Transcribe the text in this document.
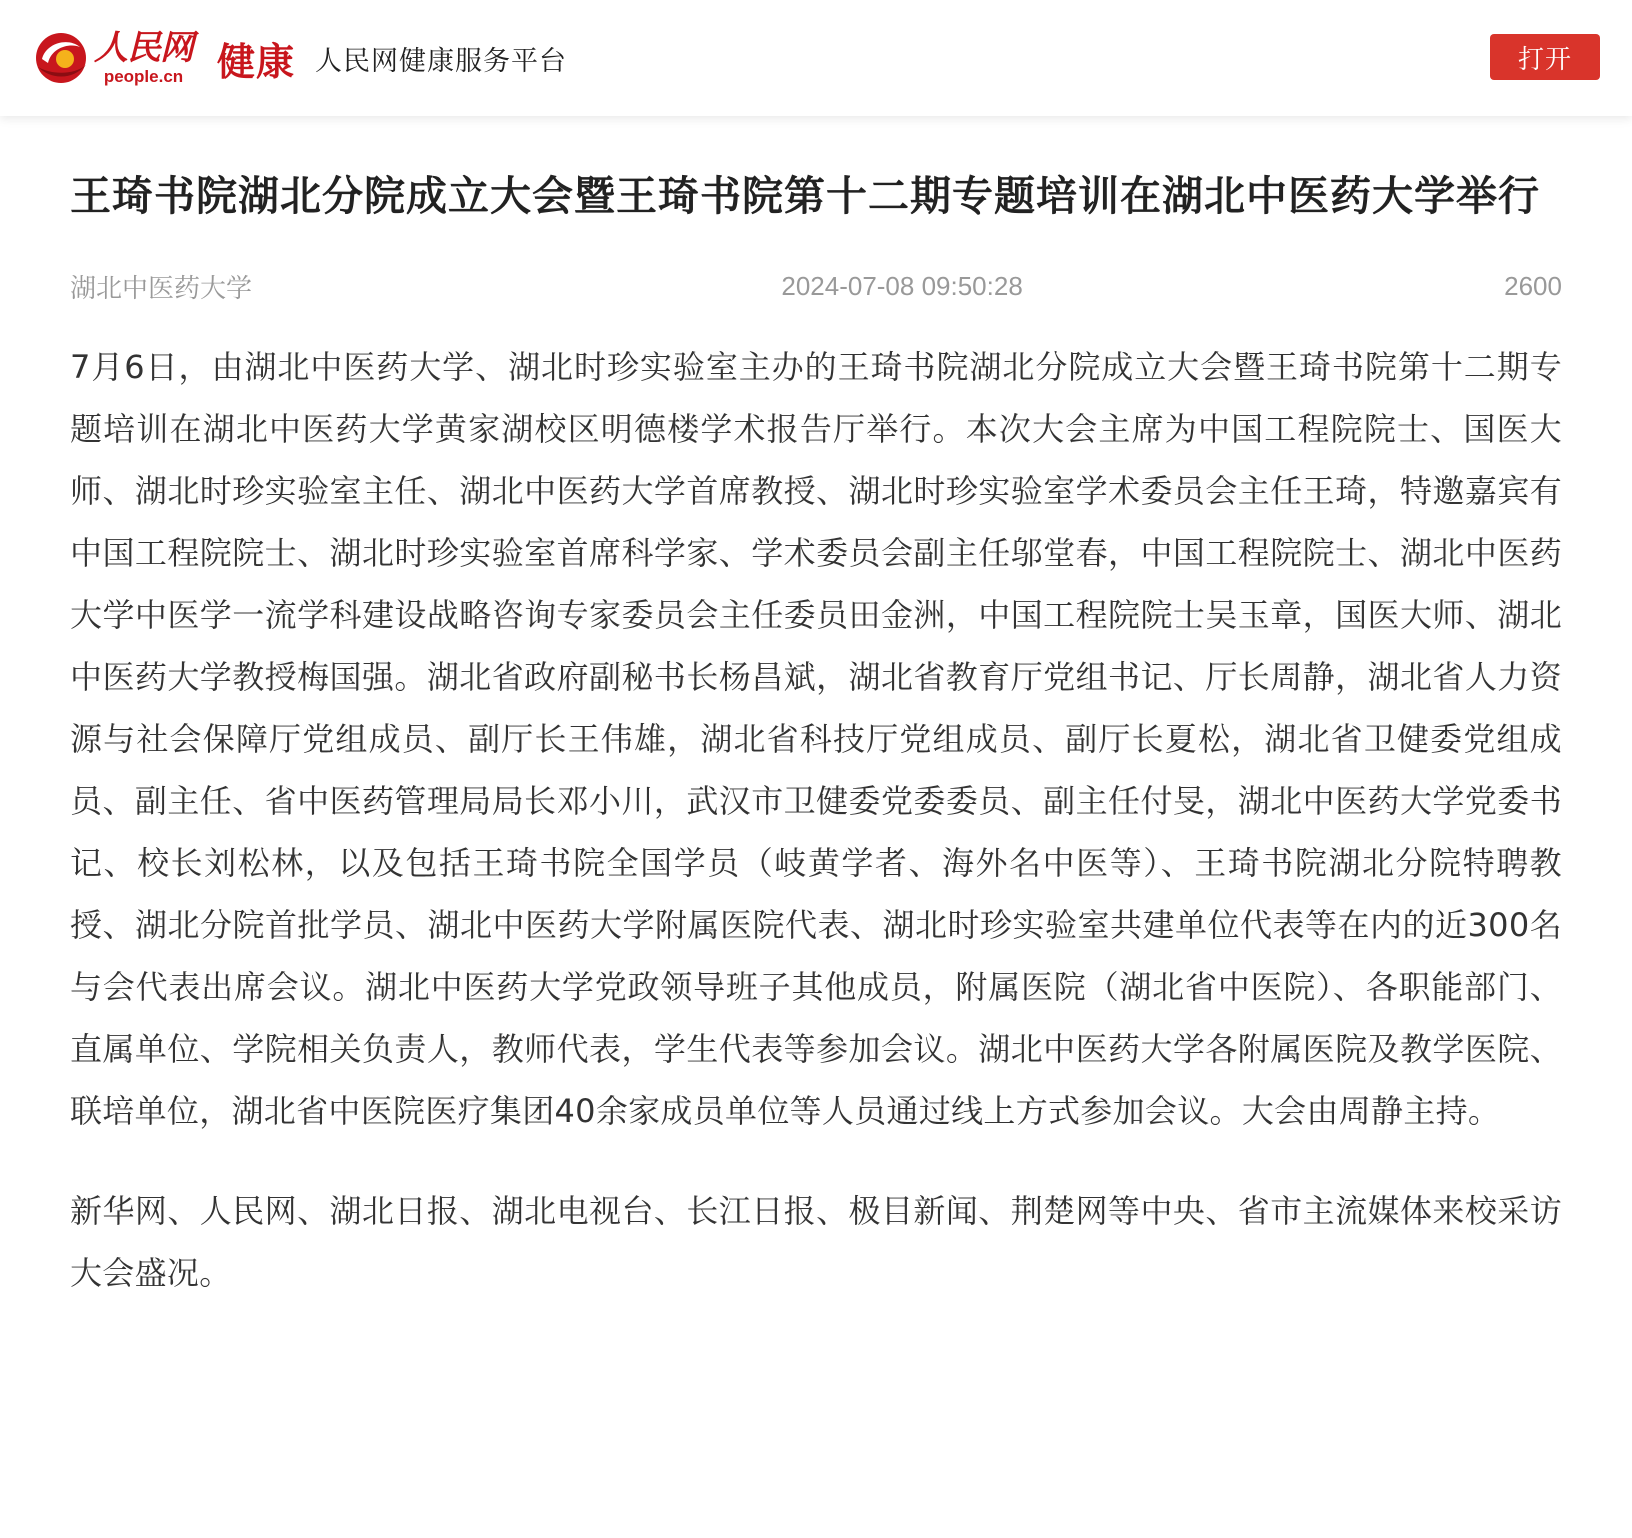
人民网
people.cn 健康 人民网健康服务平台	打开
王琦书院湖北分院成立大会暨王琦书院第十二期专题培训在湖北中医药大学举行
湖北中医药大学	2024-07-08 09:50:28	2600

7月6日，由湖北中医药大学、湖北时珍实验室主办的王琦书院湖北分院成立大会暨王琦书院第十二期专题培训在湖北中医药大学黄家湖校区明德楼学术报告厅举行。本次大会主席为中国工程院院士、国医大师、湖北时珍实验室主任、湖北中医药大学首席教授、湖北时珍实验室学术委员会主任王琦，特邀嘉宾有中国工程院院士、湖北时珍实验室首席科学家、学术委员会副主任邬堂春，中国工程院院士、湖北中医药大学中医学一流学科建设战略咨询专家委员会主任委员田金洲，中国工程院院士吴玉章，国医大师、湖北中医药大学教授梅国强。湖北省政府副秘书长杨昌斌，湖北省教育厅党组书记、厅长周静，湖北省人力资源与社会保障厅党组成员、副厅长王伟雄，湖北省科技厅党组成员、副厅长夏松，湖北省卫健委党组成员、副主任、省中医药管理局局长邓小川，武汉市卫健委党委委员、副主任付旻，湖北中医药大学党委书记、校长刘松林，以及包括王琦书院全国学员（岐黄学者、海外名中医等）、王琦书院湖北分院特聘教授、湖北分院首批学员、湖北中医药大学附属医院代表、湖北时珍实验室共建单位代表等在内的近300名与会代表出席会议。湖北中医药大学党政领导班子其他成员，附属医院（湖北省中医院）、各职能部门、直属单位、学院相关负责人，教师代表，学生代表等参加会议。湖北中医药大学各附属医院及教学医院、联培单位，湖北省中医院医疗集团40余家成员单位等人员通过线上方式参加会议。大会由周静主持。

新华网、人民网、湖北日报、湖北电视台、长江日报、极目新闻、荆楚网等中央、省市主流媒体来校采访大会盛况。
